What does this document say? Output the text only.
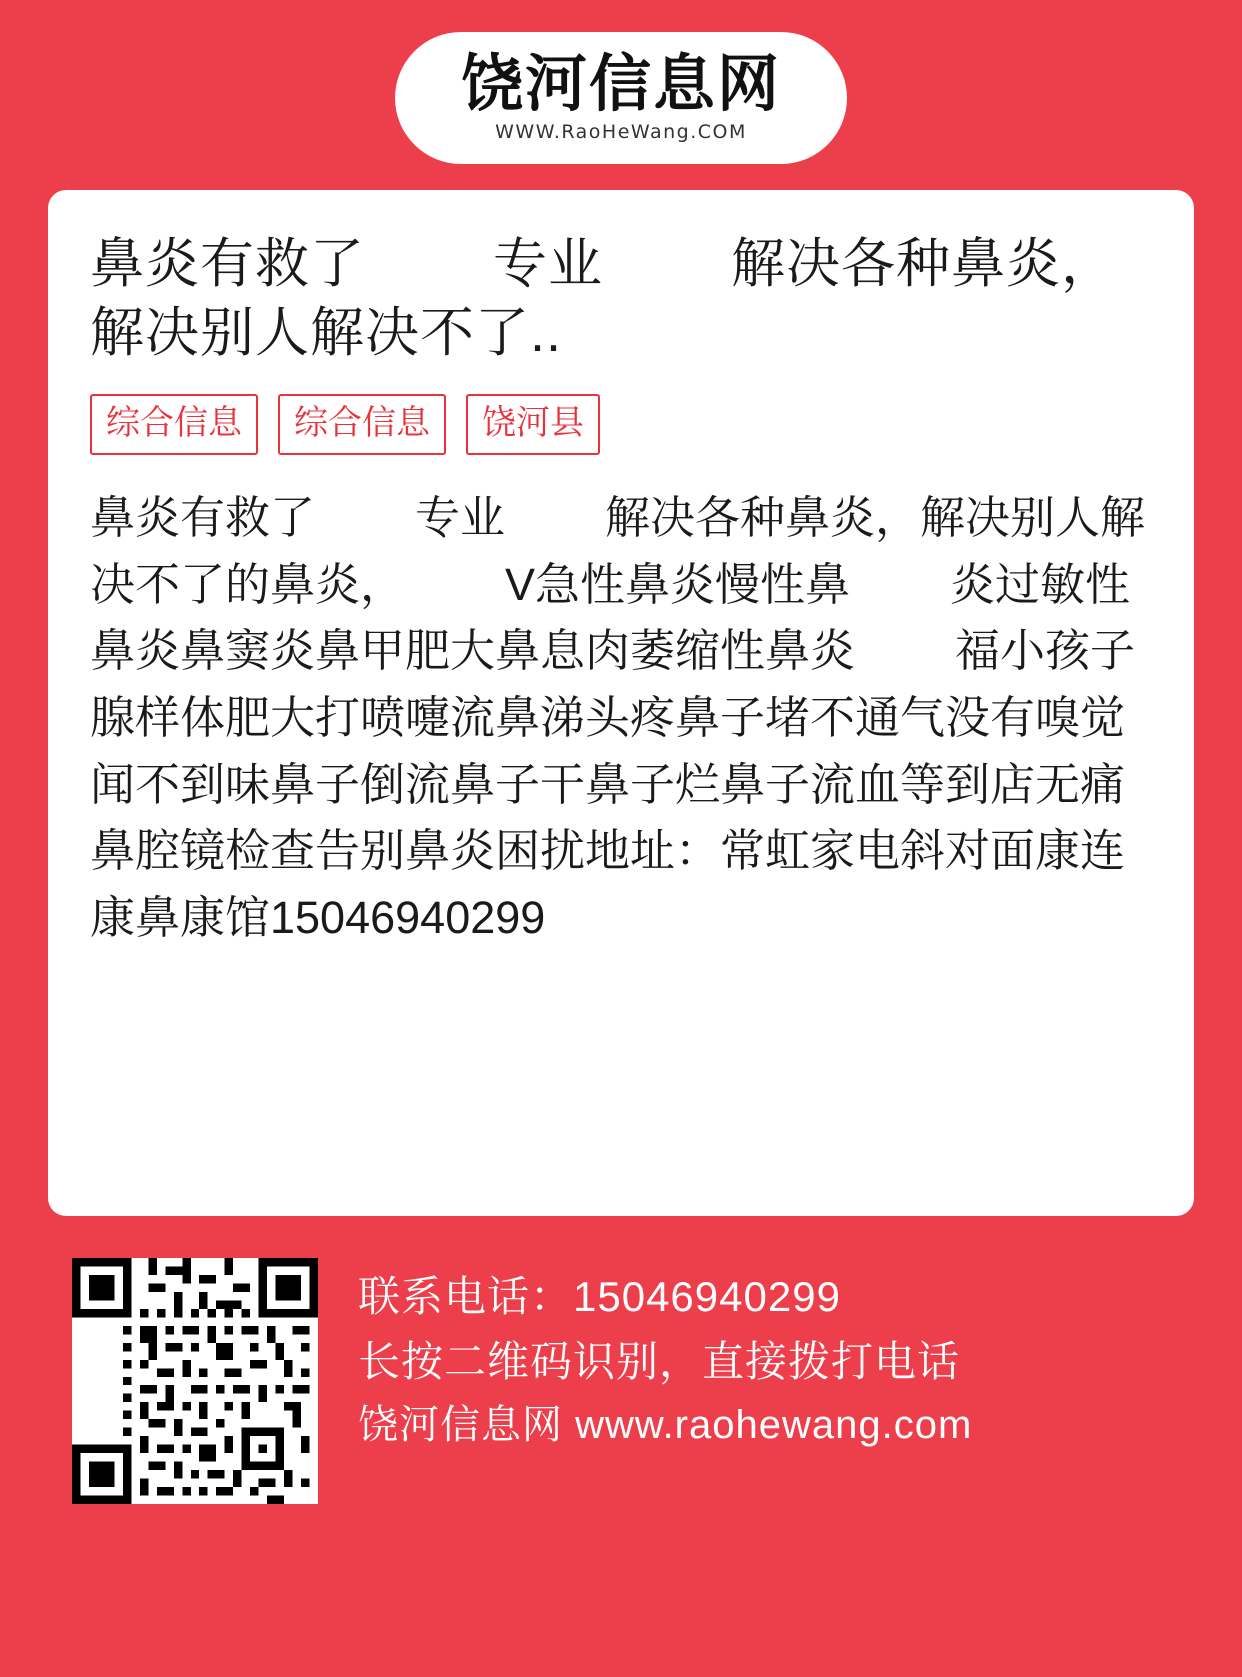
饶河信息网
WWW.RaoHeWang.COM
鼻炎有救了        专业        解决各种鼻炎，解决别人解决不了..
综合信息	综合信息	饶河县
鼻炎有救了        专业        解决各种鼻炎，解决别人解决不了的鼻炎，        V急性鼻炎慢性鼻        炎过敏性鼻炎鼻窦炎鼻甲肥大鼻息肉萎缩性鼻炎        福小孩子        腺样体肥大打喷嚏流鼻涕头疼鼻子堵不通气没有嗅觉闻不到味鼻子倒流鼻子干鼻子烂鼻子流血等到店无痛鼻腔镜检查告别鼻炎困扰地址：常虹家电斜对面康连康鼻康馆15046940299
联系电话：15046940299
长按二维码识别，直接拨打电话
饶河信息网 www.raohewang.com
